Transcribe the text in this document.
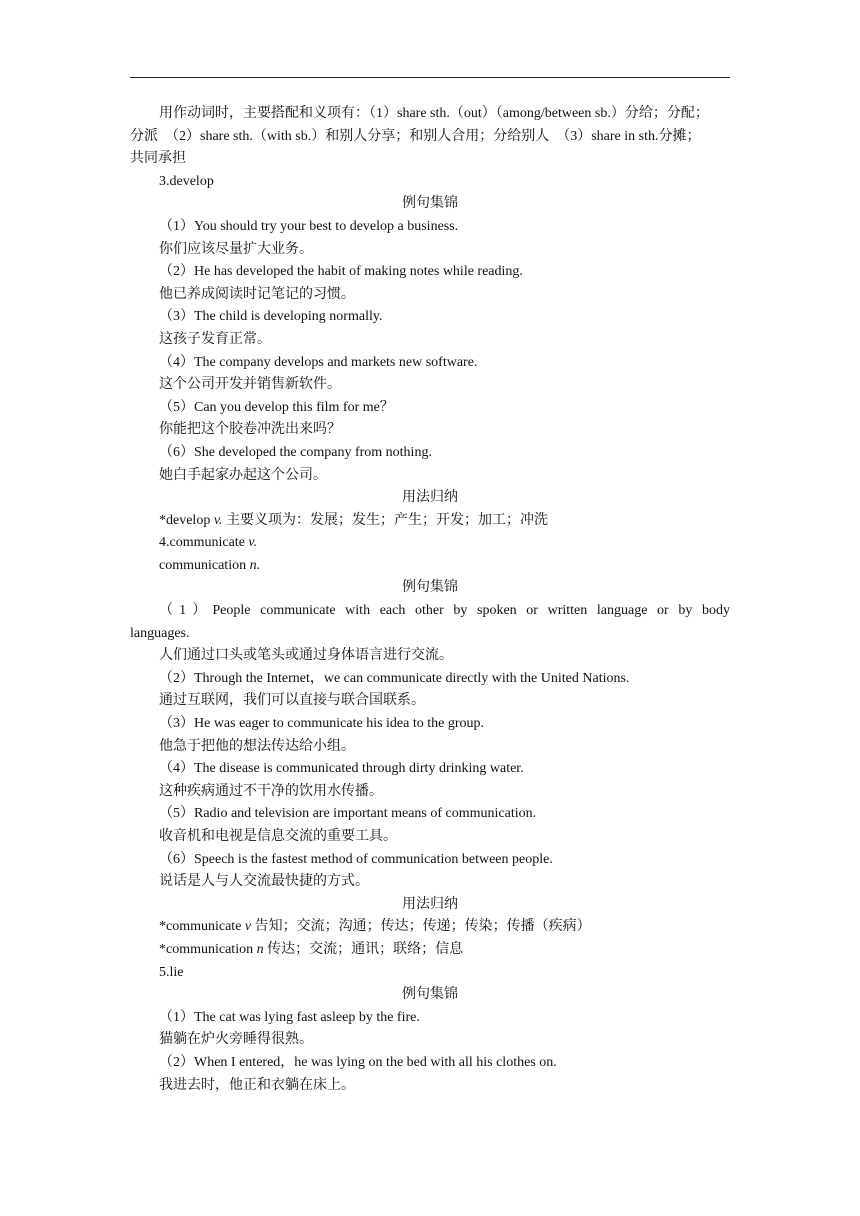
用作动词时，主要搭配和义项有：（1）share sth.（out）（among/between sb.）分给；分配；
分派　（2）share sth.（with sb.）和别人分享；和别人合用；分给别人　（3）share in sth.分摊；
共同承担
3.develop
例句集锦
（1）You should try your best to develop a business.
你们应该尽量扩大业务。
（2）He has developed the habit of making notes while reading.
他已养成阅读时记笔记的习惯。
（3）The child is developing normally.
这孩子发育正常。
（4）The company develops and markets new software.
这个公司开发并销售新软件。
（5）Can you develop this film for me？
你能把这个胶卷冲洗出来吗？
（6）She developed the company from nothing.
她白手起家办起这个公司。
用法归纳
*develop v. 主要义项为：发展；发生；产生；开发；加工；冲洗
4.communicate v.
communication n.
例句集锦
（1）People communicate with each other by spoken or written language or by body
languages.
人们通过口头或笔头或通过身体语言进行交流。
（2）Through the Internet，we can communicate directly with the United Nations.
通过互联网，我们可以直接与联合国联系。
（3）He was eager to communicate his idea to the group.
他急于把他的想法传达给小组。
（4）The disease is communicated through dirty drinking water.
这种疾病通过不干净的饮用水传播。
（5）Radio and television are important means of communication.
收音机和电视是信息交流的重要工具。
（6）Speech is the fastest method of communication between people.
说话是人与人交流最快捷的方式。
用法归纳
*communicate v 告知；交流；沟通；传达；传递；传染；传播（疾病）
*communication n 传达；交流；通讯；联络；信息
5.lie
例句集锦
（1）The cat was lying fast asleep by the fire.
猫躺在炉火旁睡得很熟。
（2）When I entered，he was lying on the bed with all his clothes on.
我进去时，他正和衣躺在床上。
